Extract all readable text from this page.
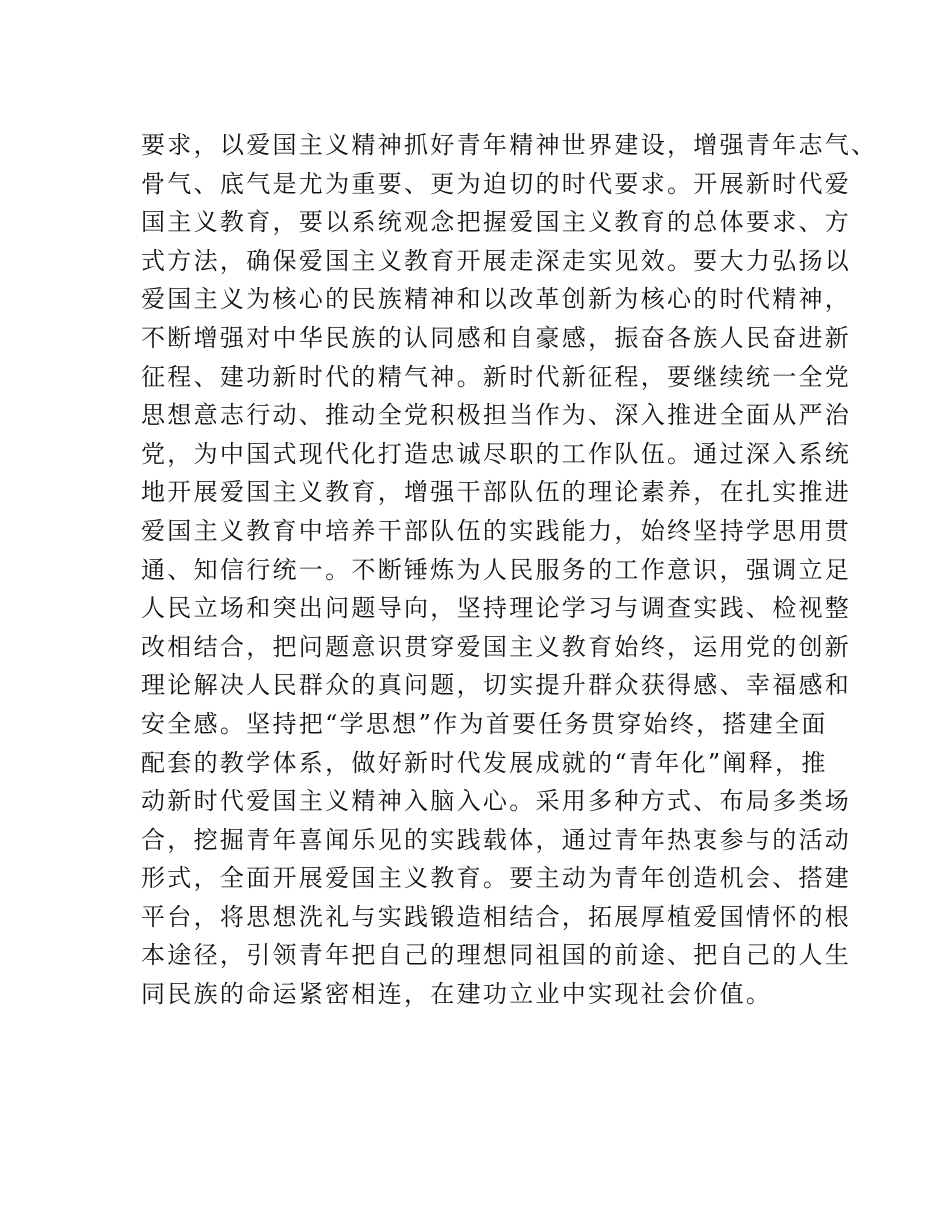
要求，以爱国主义精神抓好青年精神世界建设，增强青年志气、
骨气、底气是尤为重要、更为迫切的时代要求。开展新时代爱
国主义教育，要以系统观念把握爱国主义教育的总体要求、方
式方法，确保爱国主义教育开展走深走实见效。要大力弘扬以
爱国主义为核心的民族精神和以改革创新为核心的时代精神，
不断增强对中华民族的认同感和自豪感，振奋各族人民奋进新
征程、建功新时代的精气神。新时代新征程，要继续统一全党
思想意志行动、推动全党积极担当作为、深入推进全面从严治
党，为中国式现代化打造忠诚尽职的工作队伍。通过深入系统
地开展爱国主义教育，增强干部队伍的理论素养，在扎实推进
爱国主义教育中培养干部队伍的实践能力，始终坚持学思用贯
通、知信行统一。不断锤炼为人民服务的工作意识，强调立足
人民立场和突出问题导向，坚持理论学习与调查实践、检视整
改相结合，把问题意识贯穿爱国主义教育始终，运用党的创新
理论解决人民群众的真问题，切实提升群众获得感、幸福感和
安全感。坚持把“学思想”作为首要任务贯穿始终，搭建全面
配套的教学体系，做好新时代发展成就的“青年化”阐释，推
动新时代爱国主义精神入脑入心。采用多种方式、布局多类场
合，挖掘青年喜闻乐见的实践载体，通过青年热衷参与的活动
形式，全面开展爱国主义教育。要主动为青年创造机会、搭建
平台，将思想洗礼与实践锻造相结合，拓展厚植爱国情怀的根
本途径，引领青年把自己的理想同祖国的前途、把自己的人生
同民族的命运紧密相连，在建功立业中实现社会价值。
